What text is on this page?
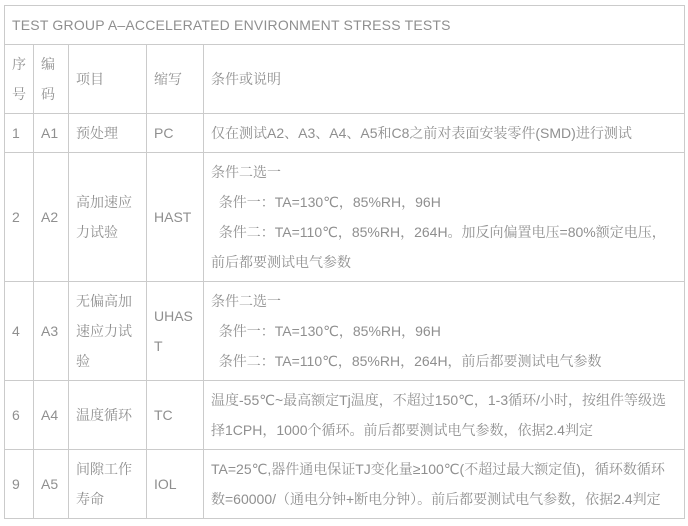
TEST GROUP A–ACCELERATED ENVIRONMENT STRESS TESTS				
序号	编码	项目	缩写	条件或说明
1	A1	预处理	PC	仅在测试A2、A3、A4、A5和C8之前对表面安装零件(SMD)进行测试

2	A2	高加速应力试验	HAST	条件二选一
条件一：TA=130℃，85%RH，96H
条件二：TA=110℃，85%RH，264H。加反向偏置电压=80%额定电压，前后都要测试电气参数

4	A3	无偏高加速应力试验	UHAST	条件二选一
条件一：TA=130℃，85%RH，96H
条件二：TA=110℃，85%RH，264H，前后都要测试电气参数

6	A4	温度循环	TC	温度-55℃~最高额定Tj温度，不超过150℃，1-3循环/小时，按组件等级选择1CPH，1000个循环。前后都要测试电气参数，依据2.4判定

9	A5	间隙工作寿命	IOL	TA=25℃,器件通电保证TJ变化量≥100℃(不超过最大额定值)，循环数循环数=60000/（通电分钟+断电分钟）。前后都要测试电气参数，依据2.4判定
